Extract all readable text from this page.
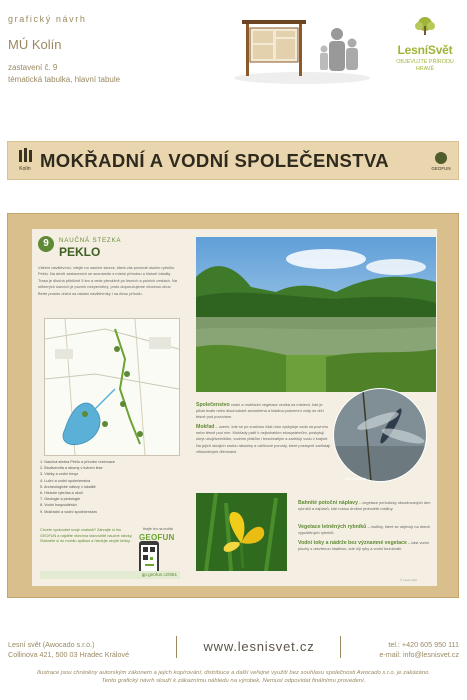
grafický návrh
MÚ Kolín
zastavení č. 9
tématická tabulka, hlavní tabule
LesníSvět
OBJEVUJTE PŘÍRODU HRAVĚ
Kolín MOKŘADNÍ A VODNÍ SPOLEČENSTVA	GEOFUN
9	NAUČNÁ STEZKA
PEKLO
Vážení návštěvníci, vítejte na naučné stezce, která vás provede okolím rybníku Peklo. Na devíti zastaveních se seznámíte s místní přírodou a historií lokality. Trasa je dlouhá přibližně 5 km a vede převážně po lesních a polních cestách. Na některých úsecích je povrch nezpevněný, proto doporučujeme vhodnou obuv. Berte prosím ohled na ostatní návštěvníky i na živou přírodu.
1. Naučná stezka Peklo a přírodní rezervace
2. Biodiverzita a stromy v lužním lese
3. Vážky a vodní hmyz
4. Luční a vodní společenstva
5. Archeologické nálezy v lokalitě
6. Historie rybníka a okolí
7. Geologie a pedologie
8. Vodní hospodářství
9. Mokřadní a vodní společenstva
Chcete vyzkoušet svoje znalosti? Zahrajte si hru GEOFUN a najděte všechna stanoviště naučné stezky. Stáhněte si do mobilu aplikaci a hledejte ukryté kešky.
Hrajte hru na mobilu
GEOFUN
gp.geofun.cz/651
šídlo královské
Společenstvo vodní a mokřadní vegetace vzniká na místech, kde je půda trvale nebo dlouhodobě zamokřená a hladina podzemní vody se drží těsně pod povrchem.
Mokřad – území, kde se po značnou část roku vyskytuje voda na povrchu nebo těsně pod ním. Mokřady patří k nejbohatším ekosystémům, poskytují úkryt obojživelníkům, vodním ptákům i bezobratlým a zadržují vodu v krajině. Na jejich okrajích rostou rákosiny a ostřicové porosty, které postupně zarůstají vlhkomilnými dřevinami.
Bahnité potoční náplavy – vegetace periodicky obnažovaných den rybníků a náplavů, kde rostou drobné jednoleté rostliny.
Vegetace letněných rybníků – rostliny, které se objevují na dnech vypuštěných rybníků.
Vodní toky a nádrže bez významné vegetace – část vodní plochy s otevřenou hladinou, kde žijí ryby a vodní bezobratlí.
© Lesní svět
Lesní svět (Awocado s.r.o.)
Collinova 421, 500 03 Hradec Králové
www.lesnisvet.cz	tel.: +420 605 950 111
e-mail: info@lesnisvet.cz
Ilustrace jsou chráněny autorským zákonem a jejich kopírování, distribuce a další veřejné využití bez souhlasu společnosti Awocado s.r.o. je zakázáno.
Tento grafický návrh slouží k zákaznímu náhledu na výrobek. Nemusí odpovídat finálnímu provedení.
